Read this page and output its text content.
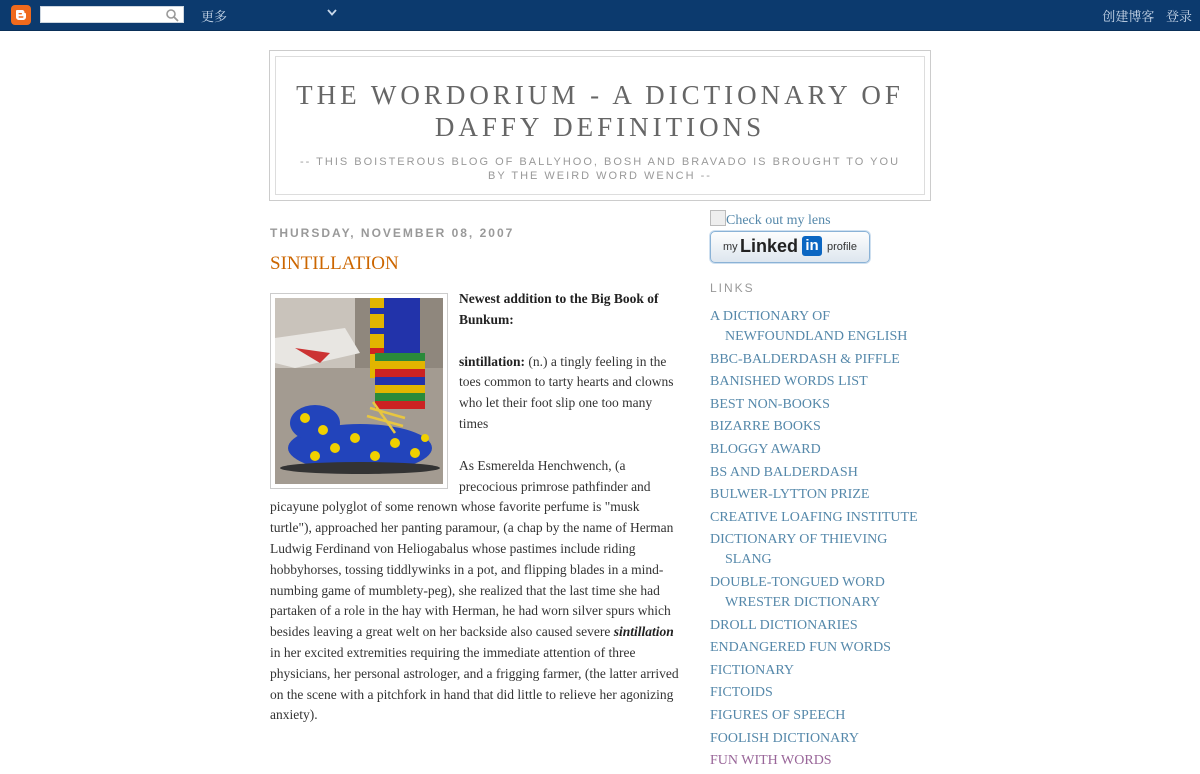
更多	创建博客 登录
THE WORDORIUM - A DICTIONARY OF DAFFY DEFINITIONS
-- THIS BOISTEROUS BLOG OF BALLYHOO, BOSH AND BRAVADO IS BROUGHT TO YOU BY THE WEIRD WORD WENCH --
THURSDAY, NOVEMBER 08, 2007
SINTILLATION

Newest addition to the Big Book of Bunkum:

sintillation: (n.) a tingly feeling in the toes common to tarty hearts and clowns who let their foot slip one too many times

As Esmerelda Henchwench, (a precocious primrose pathfinder and picayune polyglot of some renown whose favorite perfume is "musk turtle"), approached her panting paramour, (a chap by the name of Herman Ludwig Ferdinand von Heliogabalus whose pastimes include riding hobbyhorses, tossing tiddlywinks in a pot, and flipping blades in a mind-numbing game of mumblety-peg), she realized that the last time she had partaken of a role in the hay with Herman, he had worn silver spurs which besides leaving a great welt on her backside also caused severe sintillation in her excited extremities requiring the immediate attention of three physicians, her personal astrologer, and a frigging farmer, (the latter arrived on the scene with a pitchfork in hand that did little to relieve her agonizing anxiety).

Check out my lens
my Linked in profile
LINKS
A DICTIONARY OF NEWFOUNDLAND ENGLISH
BBC-BALDERDASH & PIFFLE
BANISHED WORDS LIST
BEST NON-BOOKS
BIZARRE BOOKS
BLOGGY AWARD
BS AND BALDERDASH
BULWER-LYTTON PRIZE
CREATIVE LOAFING INSTITUTE
DICTIONARY OF THIEVING SLANG
DOUBLE-TONGUED WORD WRESTER DICTIONARY
DROLL DICTIONARIES
ENDANGERED FUN WORDS
FICTIONARY
FICTOIDS
FIGURES OF SPEECH
FOOLISH DICTIONARY
FUN WITH WORDS
